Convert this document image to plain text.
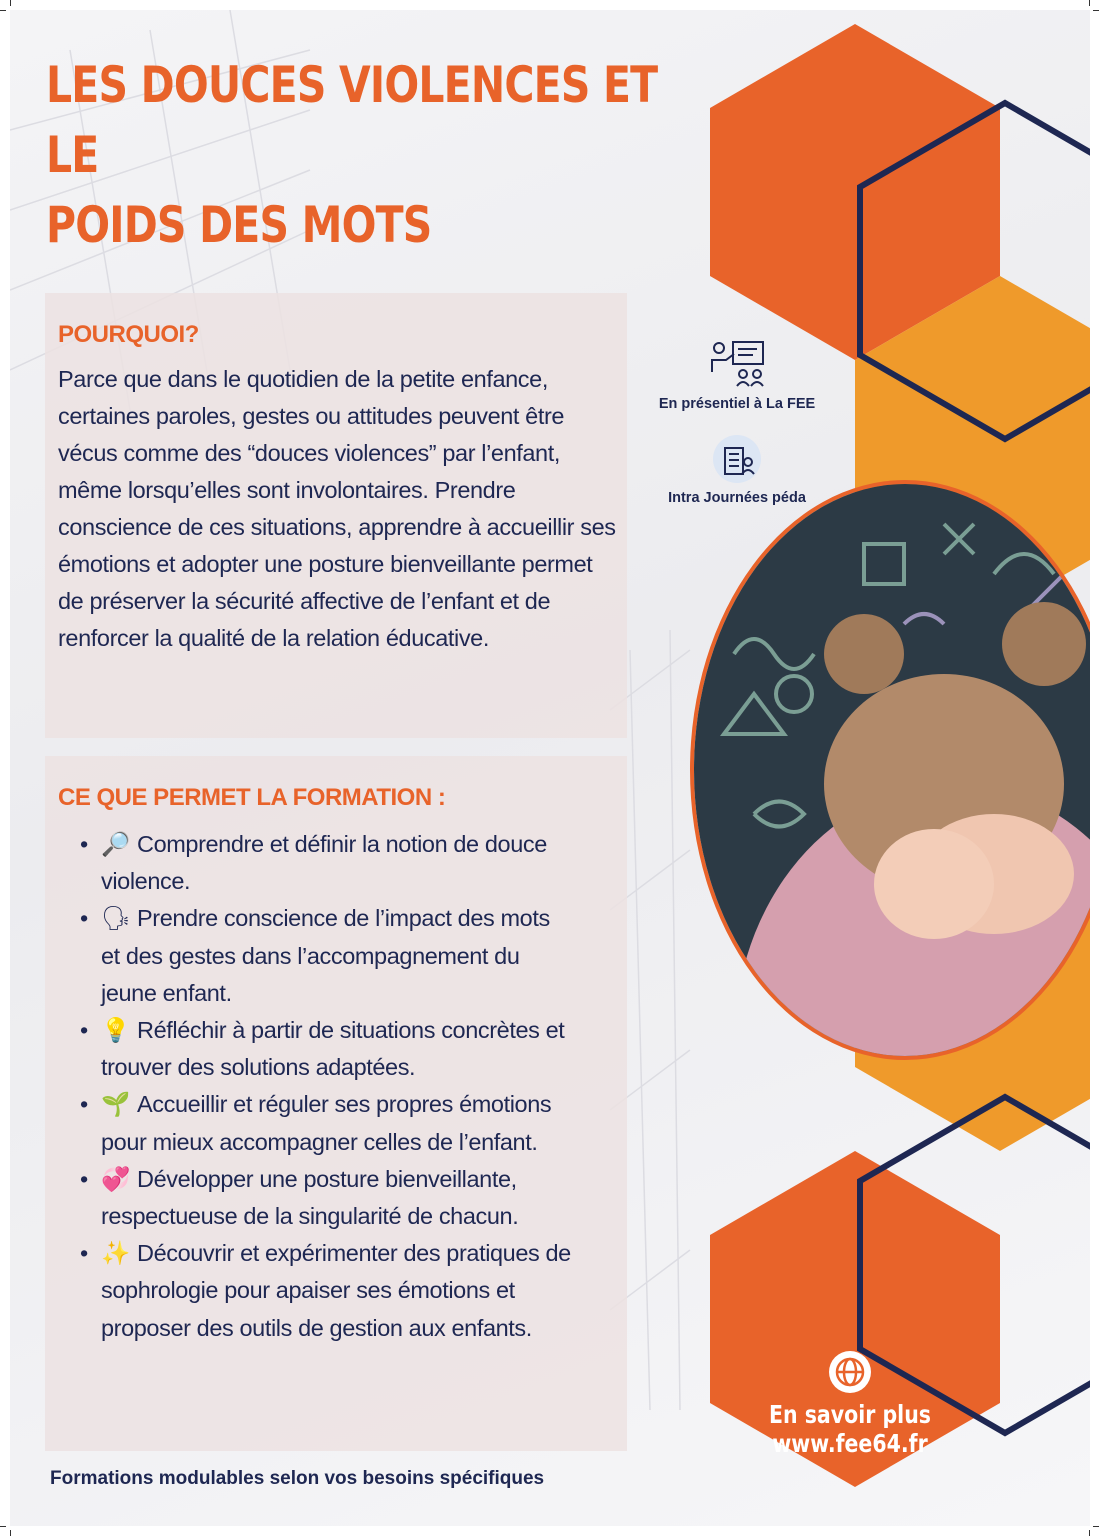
LES DOUCES VIOLENCES ET LE
POIDS DES MOTS
En présentiel à La FEE
Intra Journées péda
POURQUOI?

Parce que dans le quotidien de la petite enfance, certaines paroles, gestes ou attitudes peuvent être vécus comme des “douces violences” par l’enfant, même lorsqu’elles sont involontaires. Prendre conscience de ces situations, apprendre à accueillir ses émotions et adopter une posture bienveillante permet de préserver la sécurité affective de l’enfant et de renforcer la qualité de la relation éducative.

CE QUE PERMET LA FORMATION :
• 🔎 Comprendre et définir la notion de douce violence.
• 🗣 Prendre conscience de l’impact des mots et des gestes dans l’accompagnement du jeune enfant.
• 💡 Réfléchir à partir de situations concrètes et trouver des solutions adaptées.
• 🌱 Accueillir et réguler ses propres émotions pour mieux accompagner celles de l’enfant.
• 💞 Développer une posture bienveillante, respectueuse de la singularité de chacun.
• ✨ Découvrir et expérimenter des pratiques de sophrologie pour apaiser ses émotions et proposer des outils de gestion aux enfants.

Formations modulables selon vos besoins spécifiques

En savoir plus
www.fee64.fr
